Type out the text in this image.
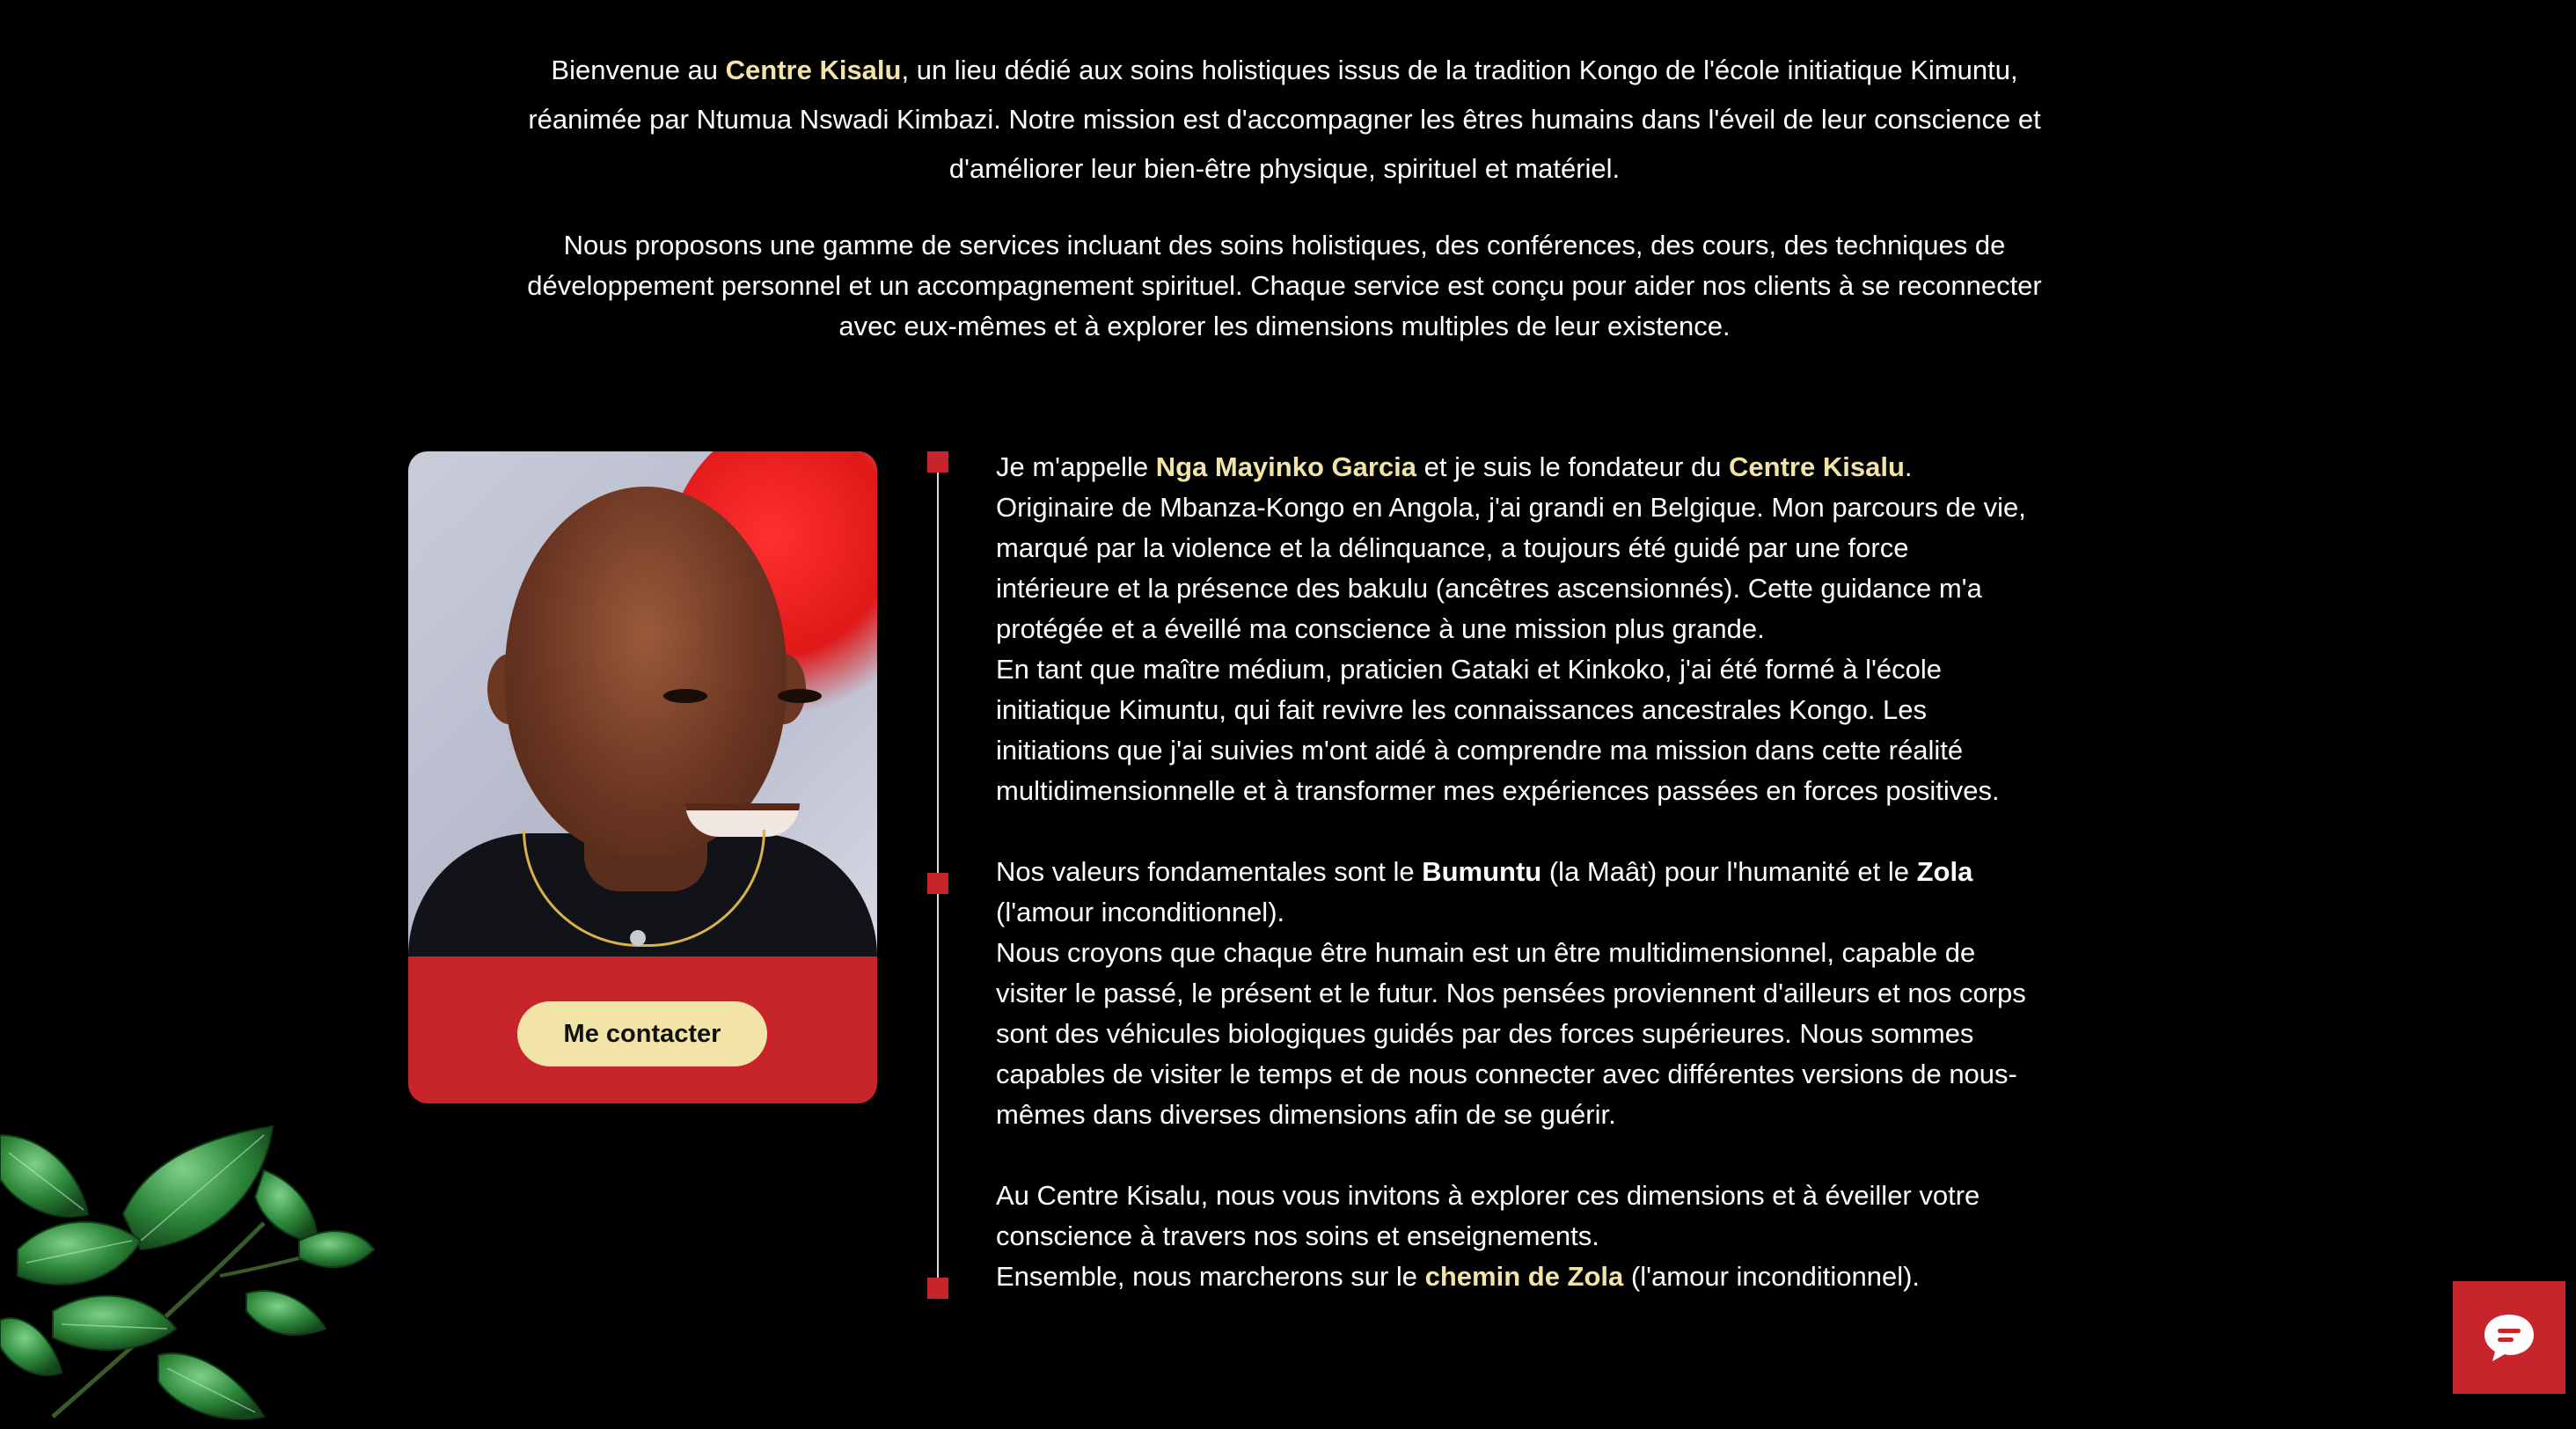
Bienvenue au Centre Kisalu, un lieu dédié aux soins holistiques issus de la tradition Kongo de l'école initiatique Kimuntu,
réanimée par Ntumua Nswadi Kimbazi. Notre mission est d'accompagner les êtres humains dans l'éveil de leur conscience et
d'améliorer leur bien-être physique, spirituel et matériel.

Nous proposons une gamme de services incluant des soins holistiques, des conférences, des cours, des techniques de
développement personnel et un accompagnement spirituel. Chaque service est conçu pour aider nos clients à se reconnecter
avec eux-mêmes et à explorer les dimensions multiples de leur existence.

Me contacter

Je m'appelle Nga Mayinko Garcia et je suis le fondateur du Centre Kisalu.
Originaire de Mbanza-Kongo en Angola, j'ai grandi en Belgique. Mon parcours de vie,
marqué par la violence et la délinquance, a toujours été guidé par une force
intérieure et la présence des bakulu (ancêtres ascensionnés). Cette guidance m'a
protégée et a éveillé ma conscience à une mission plus grande.
En tant que maître médium, praticien Gataki et Kinkoko, j'ai été formé à l'école
initiatique Kimuntu, qui fait revivre les connaissances ancestrales Kongo. Les
initiations que j'ai suivies m'ont aidé à comprendre ma mission dans cette réalité
multidimensionnelle et à transformer mes expériences passées en forces positives.

Nos valeurs fondamentales sont le Bumuntu (la Maât) pour l'humanité et le Zola
(l'amour inconditionnel).
Nous croyons que chaque être humain est un être multidimensionnel, capable de
visiter le passé, le présent et le futur. Nos pensées proviennent d'ailleurs et nos corps
sont des véhicules biologiques guidés par des forces supérieures. Nous sommes
capables de visiter le temps et de nous connecter avec différentes versions de nous-
mêmes dans diverses dimensions afin de se guérir.

Au Centre Kisalu, nous vous invitons à explorer ces dimensions et à éveiller votre
conscience à travers nos soins et enseignements.
Ensemble, nous marcherons sur le chemin de Zola (l'amour inconditionnel).
